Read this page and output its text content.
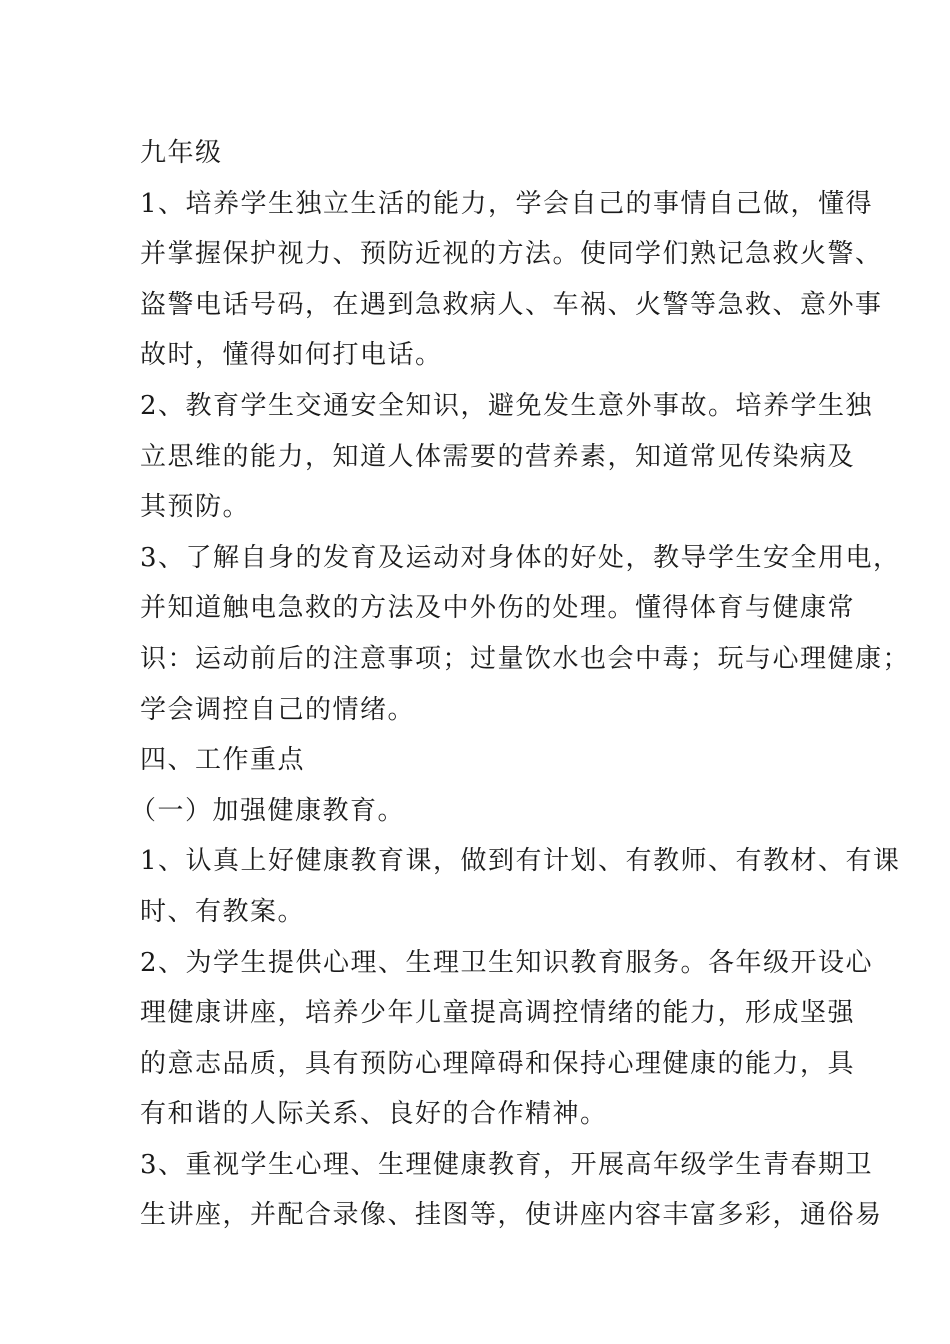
九年级
1、培养学生独立生活的能力，学会自己的事情自己做，懂得
并掌握保护视力、预防近视的方法。使同学们熟记急救火警、
盗警电话号码，在遇到急救病人、车祸、火警等急救、意外事
故时，懂得如何打电话。
2、教育学生交通安全知识，避免发生意外事故。培养学生独
立思维的能力，知道人体需要的营养素，知道常见传染病及
其预防。
3、了解自身的发育及运动对身体的好处，教导学生安全用电，
并知道触电急救的方法及中外伤的处理。懂得体育与健康常
识：运动前后的注意事项；过量饮水也会中毒；玩与心理健康；
学会调控自己的情绪。
四、工作重点
（一）加强健康教育。
1、认真上好健康教育课，做到有计划、有教师、有教材、有课
时、有教案。
2、为学生提供心理、生理卫生知识教育服务。各年级开设心
理健康讲座，培养少年儿童提高调控情绪的能力，形成坚强
的意志品质，具有预防心理障碍和保持心理健康的能力，具
有和谐的人际关系、良好的合作精神。
3、重视学生心理、生理健康教育，开展高年级学生青春期卫
生讲座，并配合录像、挂图等，使讲座内容丰富多彩，通俗易
